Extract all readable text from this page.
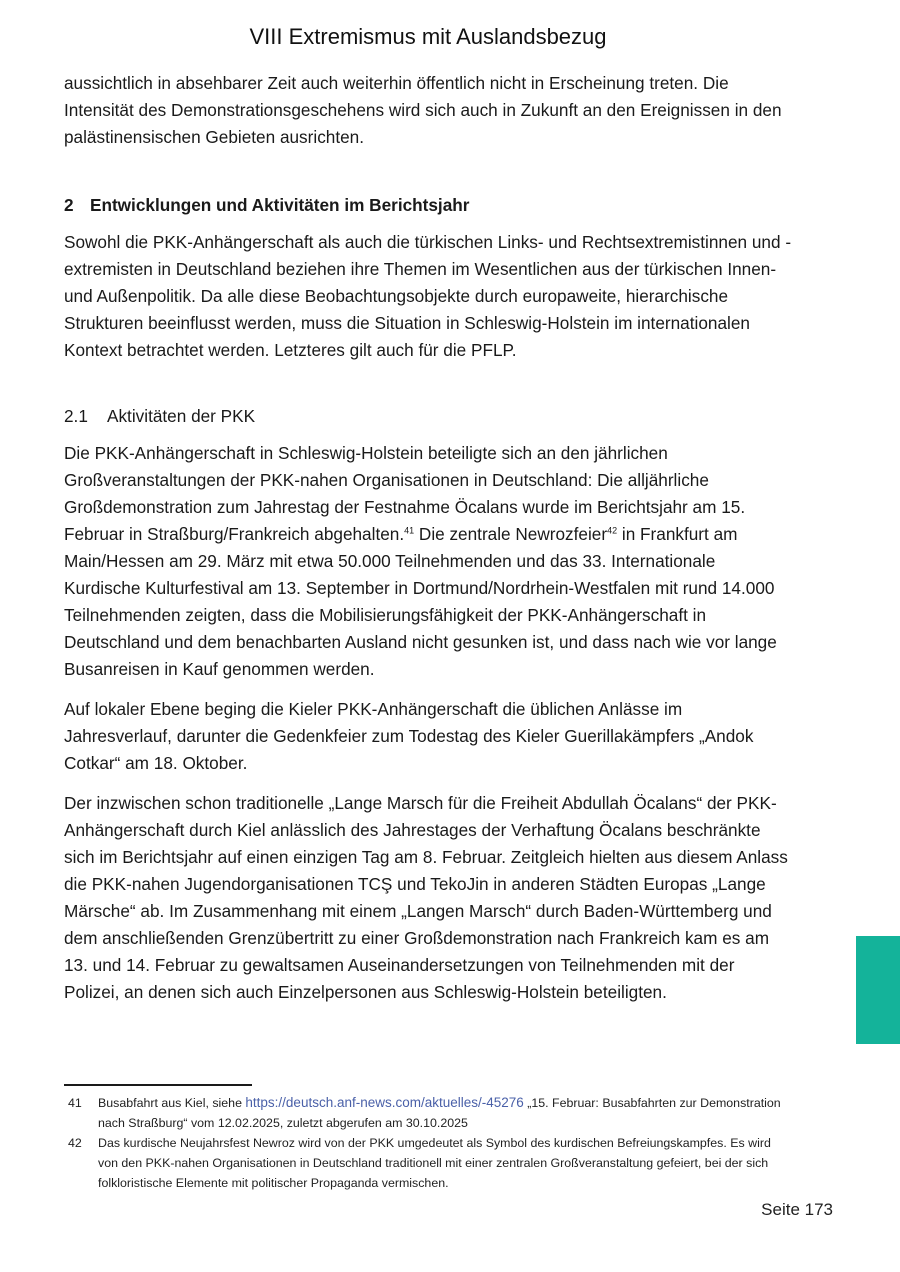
VIII Extremismus mit Auslandsbezug

aussichtlich in absehbarer Zeit auch weiterhin öffentlich nicht in Erscheinung treten. Die Intensität des Demonstrationsgeschehens wird sich auch in Zukunft an den Ereignissen in den palästinensischen Gebieten ausrichten.

2 Entwicklungen und Aktivitäten im Berichtsjahr

Sowohl die PKK-Anhängerschaft als auch die türkischen Links- und Rechtsextremistinnen und -extremisten in Deutschland beziehen ihre Themen im Wesentlichen aus der türkischen Innen- und Außenpolitik. Da alle diese Beobachtungsobjekte durch europaweite, hierarchische Strukturen beeinflusst werden, muss die Situation in Schleswig-Holstein im internationalen Kontext betrachtet werden. Letzteres gilt auch für die PFLP.

2.1 Aktivitäten der PKK

Die PKK-Anhängerschaft in Schleswig-Holstein beteiligte sich an den jährlichen Großveranstaltungen der PKK-nahen Organisationen in Deutschland: Die alljährliche Großdemonstration zum Jahrestag der Festnahme Öcalans wurde im Berichtsjahr am 15. Februar in Straßburg/Frankreich abgehalten.$^{41}$ Die zentrale Newrozfeier$^{42}$ in Frankfurt am Main/Hessen am 29. März mit etwa 50.000 Teilnehmenden und das 33. Internationale Kurdische Kulturfestival am 13. September in Dortmund/Nordrhein-Westfalen mit rund 14.000 Teilnehmenden zeigten, dass die Mobilisierungsfähigkeit der PKK-Anhängerschaft in Deutschland und dem benachbarten Ausland nicht gesunken ist, und dass nach wie vor lange Busanreisen in Kauf genommen werden.

Auf lokaler Ebene beging die Kieler PKK-Anhängerschaft die üblichen Anlässe im Jahresverlauf, darunter die Gedenkfeier zum Todestag des Kieler Guerillakämpfers „Andok Cotkar“ am 18. Oktober.

Der inzwischen schon traditionelle „Lange Marsch für die Freiheit Abdullah Öcalans“ der PKK-Anhängerschaft durch Kiel anlässlich des Jahrestages der Verhaftung Öcalans beschränkte sich im Berichtsjahr auf einen einzigen Tag am 8. Februar. Zeitgleich hielten aus diesem Anlass die PKK-nahen Jugendorganisationen TCŞ und TekoJin in anderen Städten Europas „Lange Märsche“ ab. Im Zusammenhang mit einem „Langen Marsch“ durch Baden-Württemberg und dem anschließenden Grenzübertritt zu einer Großdemonstration nach Frankreich kam es am 13. und 14. Februar zu gewaltsamen Auseinandersetzungen von Teilnehmenden mit der Polizei, an denen sich auch Einzelpersonen aus Schleswig-Holstein beteiligten.

41	Busabfahrt aus Kiel, siehe https://deutsch.anf-news.com/aktuelles/-45276 „15. Februar: Busabfahrten zur Demonstration nach Straßburg“ vom 12.02.2025, zuletzt abgerufen am 30.10.2025
42	Das kurdische Neujahrsfest Newroz wird von der PKK umgedeutet als Symbol des kurdischen Befreiungskampfes. Es wird von den PKK-nahen Organisationen in Deutschland traditionell mit einer zentralen Großveranstaltung gefeiert, bei der sich folkloristische Elemente mit politischer Propaganda vermischen.
Seite 173
